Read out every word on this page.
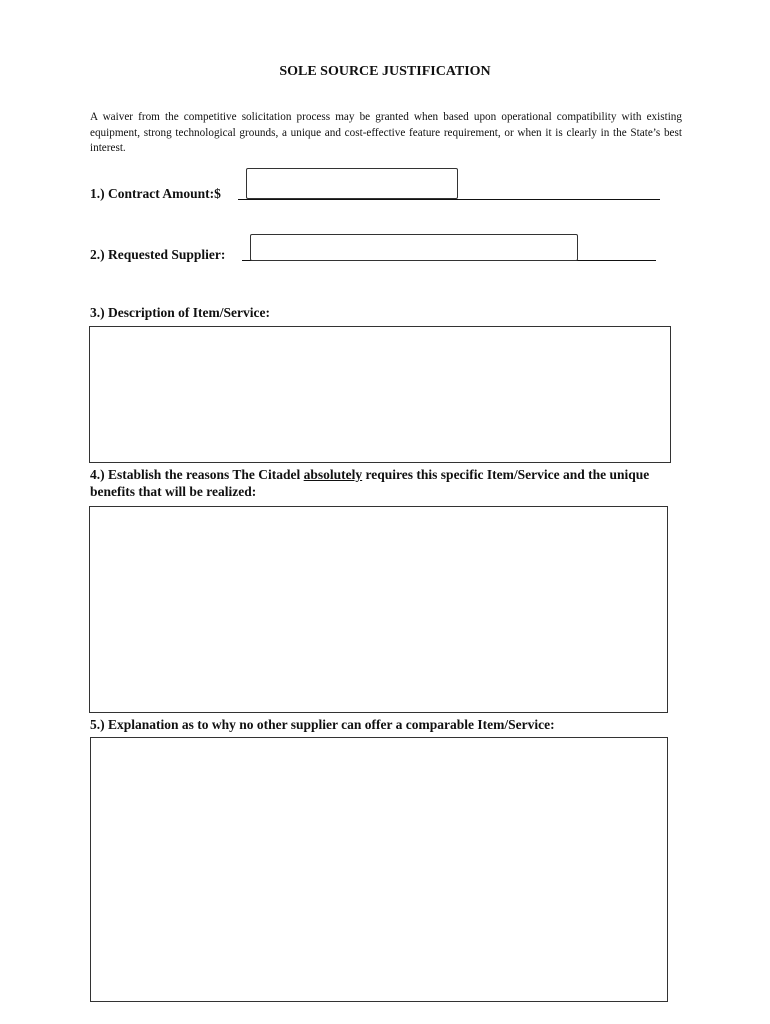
SOLE SOURCE JUSTIFICATION
A waiver from the competitive solicitation process may be granted when based upon operational compatibility with existing equipment, strong technological grounds, a unique and cost-effective feature requirement, or when it is clearly in the State’s best interest.
1.) Contract Amount:$
2.) Requested Supplier:
3.) Description of Item/Service:
4.) Establish the reasons The Citadel absolutely requires this specific Item/Service and the unique benefits that will be realized:
5.) Explanation as to why no other supplier can offer a comparable Item/Service:
